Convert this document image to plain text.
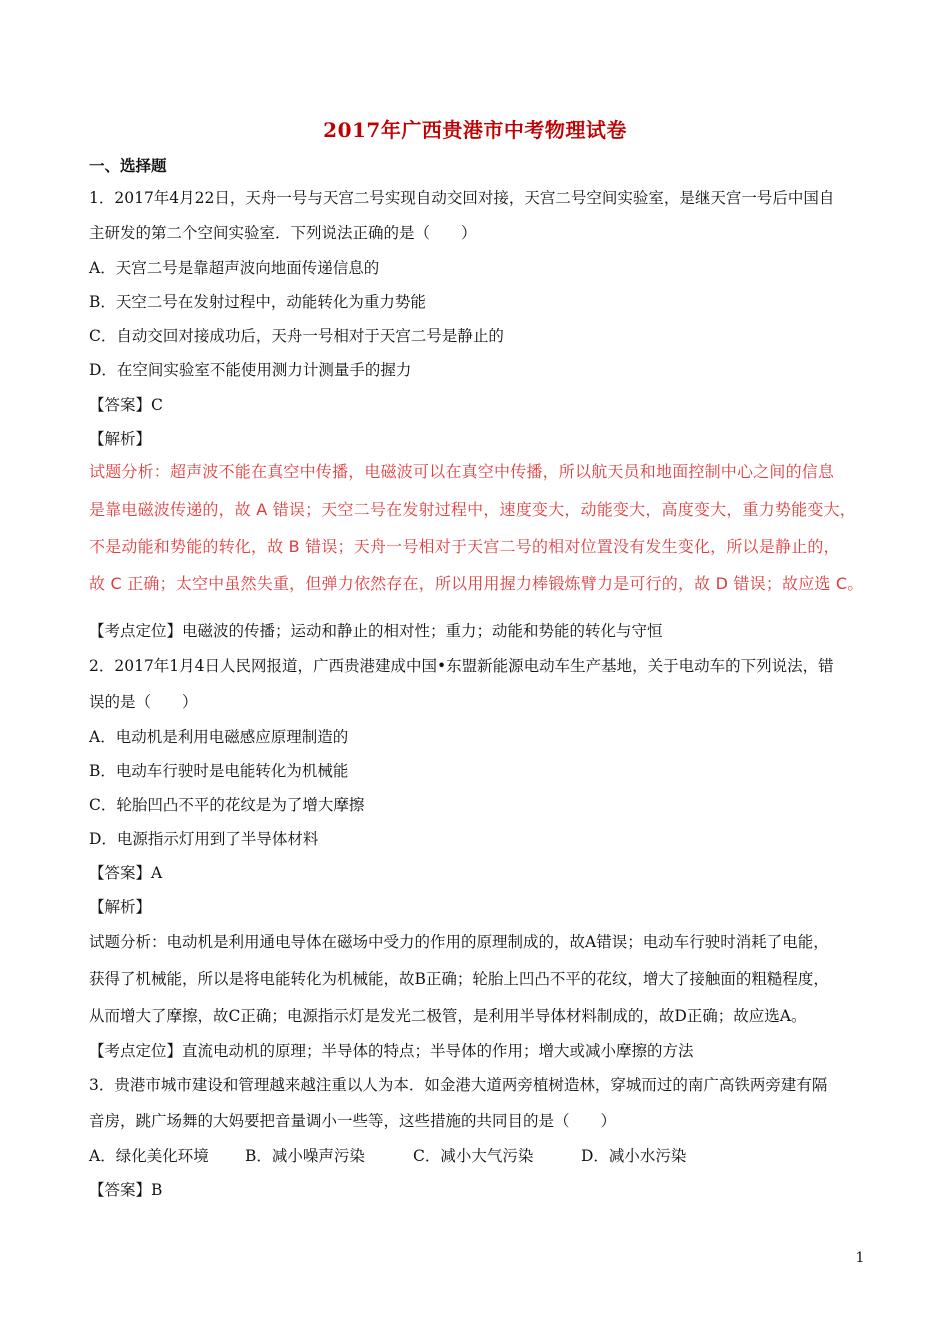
2017年广西贵港市中考物理试卷
一、选择题
1．2017年4月22日，天舟一号与天宫二号实现自动交回对接，天宫二号空间实验室，是继天宫一号后中国自
主研发的第二个空间实验室．下列说法正确的是（　　）
A．天宫二号是靠超声波向地面传递信息的
B．天空二号在发射过程中，动能转化为重力势能
C．自动交回对接成功后，天舟一号相对于天宫二号是静止的
D．在空间实验室不能使用测力计测量手的握力
【答案】C
【解析】
试题分析：超声波不能在真空中传播，电磁波可以在真空中传播，所以航天员和地面控制中心之间的信息
是靠电磁波传递的，故 A 错误；天空二号在发射过程中，速度变大，动能变大，高度变大，重力势能变大，
不是动能和势能的转化，故 B 错误；天舟一号相对于天宫二号的相对位置没有发生变化，所以是静止的，
故 C 正确；太空中虽然失重，但弹力依然存在，所以用用握力棒锻炼臂力是可行的，故 D 错误；故应选 C。
【考点定位】电磁波的传播；运动和静止的相对性；重力；动能和势能的转化与守恒
2．2017年1月4日人民网报道，广西贵港建成中国•东盟新能源电动车生产基地，关于电动车的下列说法，错
误的是（　　）
A．电动机是利用电磁感应原理制造的
B．电动车行驶时是电能转化为机械能
C．轮胎凹凸不平的花纹是为了增大摩擦
D．电源指示灯用到了半导体材料
【答案】A
【解析】
试题分析：电动机是利用通电导体在磁场中受力的作用的原理制成的，故A错误；电动车行驶时消耗了电能，
获得了机械能，所以是将电能转化为机械能，故B正确；轮胎上凹凸不平的花纹，增大了接触面的粗糙程度，
从而增大了摩擦，故C正确；电源指示灯是发光二极管，是利用半导体材料制成的，故D正确；故应选A。
【考点定位】直流电动机的原理；半导体的特点；半导体的作用；增大或减小摩擦的方法
3．贵港市城市建设和管理越来越注重以人为本．如金港大道两旁植树造林，穿城而过的南广高铁两旁建有隔
音房，跳广场舞的大妈要把音量调小一些等，这些措施的共同目的是（　　）
A．绿化美化环境 B．减小噪声污染	C．减小大气污染	D．减小水污染
【答案】B
1
